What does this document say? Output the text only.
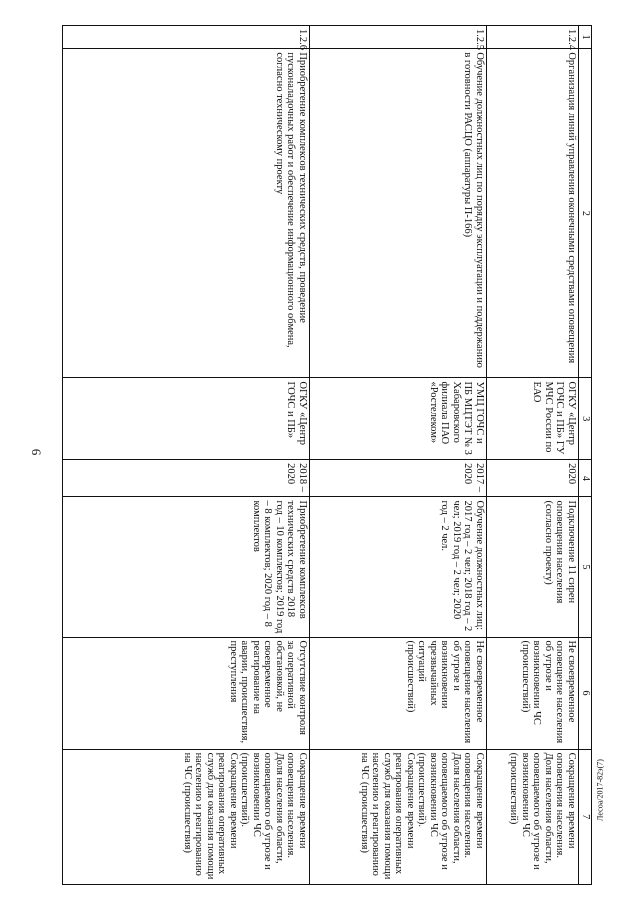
6
1	2	3	4	5	6	7
1.2.4	Организация линий управления оконечными средствами оповещения	ОГКУ «Центр ГОЧС и ПБ» ГУ МЧС России по ЕАО	2020	Подключение 11 сирен оповещения населения (согласно проекту)	Не своевременное оповещение населения об угрозе и возникновении ЧС (происшествий)	Сокращение времени оповещения населения. Доля населения области, оповещаемого об угрозе и возникновении ЧС (происшествий)
1.2.5	Обучение должностных лиц по порядку эксплуатации и поддержанию в готовности РАСЦО (аппаратуры П-166)	УМЦ ГОЧС и ПБ МЦТЭТ № 3 Хабаровского филиала ПАО «Ростелеком»	2017 – 2020	Обучение должностных лиц: 2017 год – 2 чел; 2018 год – 2 чел; 2019 год – 2 чел; 2020 год – 2 чел.	Не своевременное оповещение населения об угрозе и возникновении чрезвычайных ситуаций (происшествий)	Сокращение времени оповещения населения. Доля населения области, оповещаемого об угрозе и возникновении ЧС (происшествий). Сокращение времени реагирования оперативных служб для оказания помощи населению и реагированию на ЧС (происшествия)
1.2.6	Приобретение комплексов технических средств, проведение пусконаладочных работ и обеспечение информационного обмена, согласно техническому проекту	ОГКУ «Центр ГОЧС и ПБ»	2018 – 2020	Приобретение комплексов технических средств 2018 год – 10 комплектов; 2019 год – 8 комплектов; 2020 год – 8 комплектов	Отсутствие контроля за оперативной обстановкой, не своевременное реагирование на аварии, происшествия, преступления	Сокращение времени оповещения населения. Доля населения области, оповещаемого об угрозе и возникновении ЧС (происшествий). Сокращение времени реагирования оперативных служб для оказания помощи населению и реагированию на ЧС (происшествия)	Лесоа/2017-82э(7)
